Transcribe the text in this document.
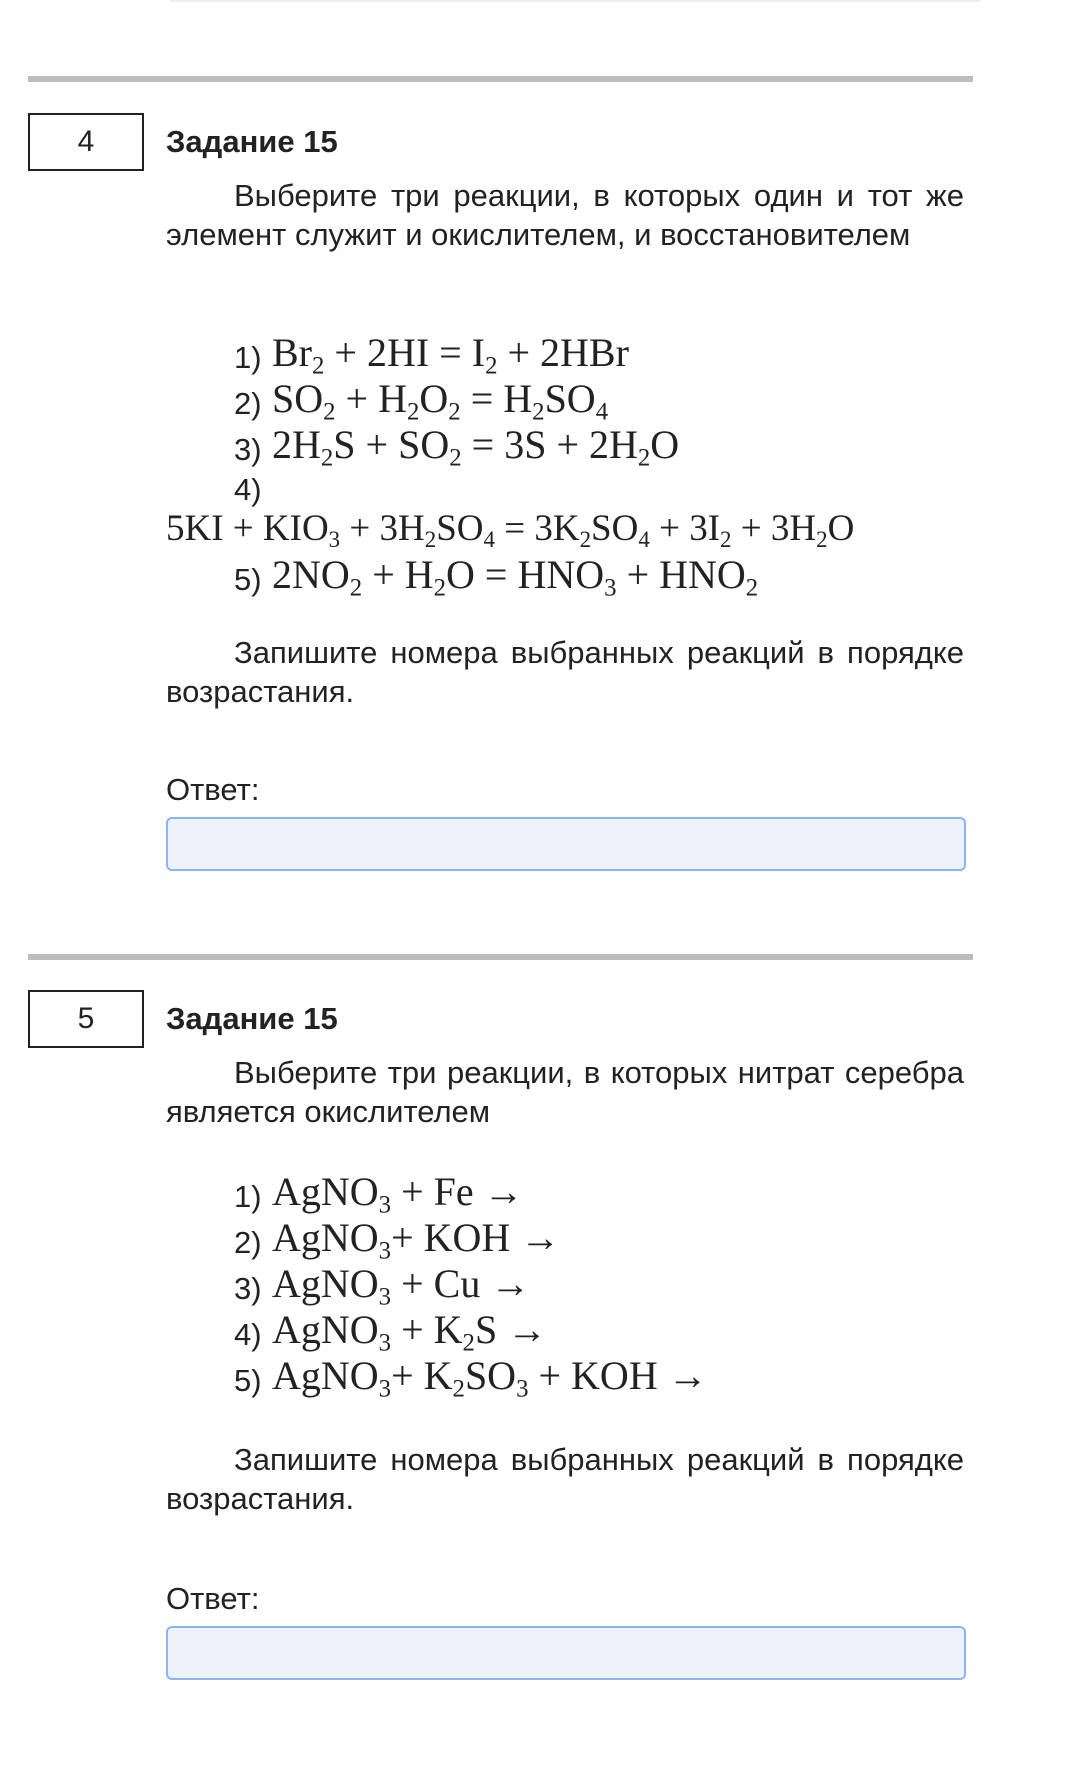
4	Задание 15

Выберите три реакции, в которых один и тот же элемент служит и окислителем, и восстановителем

1) $Br_2 + 2HI = I_2 + 2HBr$
2) $SO_2 + H_2O_2 = H_2SO_4$
3) $2H_2S + SO_2 = 3S + 2H_2O$
4)
$5KI + KIO_3 + 3H_2SO_4 = 3K_2SO_4 + 3I_2 + 3H_2O$
5) $2NO_2 + H_2O = HNO_3 + HNO_2$

Запишите номера выбранных реакций в порядке возрастания.

Ответ:
5	Задание 15

Выберите три реакции, в которых нитрат серебра является окислителем

1) AgNO$_3$ + Fe →
2) AgNO$_3$+ KOH →
3) AgNO$_3$ + Cu →
4) AgNO$_3$ + $K_2S$ →
5) AgNO$_3$+ $K_2SO_3$ + KOH →

Запишите номера выбранных реакций в порядке возрастания.

Ответ:
